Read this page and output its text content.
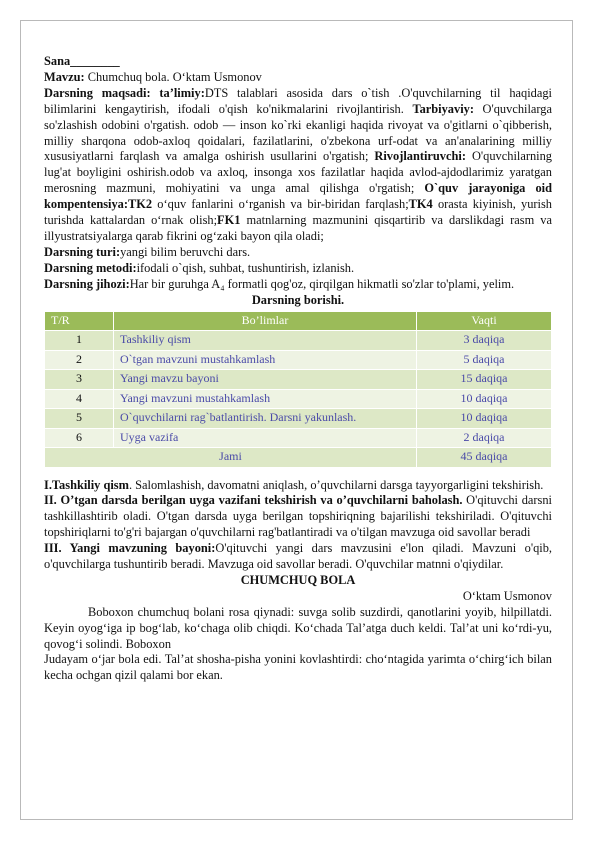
Sana________

Mavzu: Chumchuq bola. O‘ktam Usmonov

Darsning maqsadi: ta’limiy:DTS talablari asosida dars o`tish .O'quvchilarning til haqidagi bilimlarini kengaytirish, ifodali o'qish ko'nikmalarini rivojlantirish. Tarbiyaviy: O'quvchilarga so'zlashish odobini o'rgatish. odob — inson ko`rki ekanligi haqida rivoyat va o'gitlarni o`qibberish, milliy sharqona odob-axloq qoidalari, fazilatlarini, o'zbekona urf-odat va an'analarining milliy xususiyatlarni farqlash va amalga oshirish usullarini o'rgatish; Rivojlantiruvchi: O'quvchilarning lug'at boyligini oshirish.odob va axloq, insonga xos fazilatlar haqida avlod-ajdodlarimiz yaratgan merosning mazmuni, mohiyatini va unga amal qilishga o'rgatish; O`quv jarayoniga oid kompentensiya:TK2 o‘quv fanlarini o‘rganish va bir-biridan farqlash;TK4 orasta kiyinish, yurish turishda kattalardan o‘rnak olish;FK1 matnlarning mazmunini qisqartirib va darslikdagi rasm va illyustratsiyalarga qarab fikrini og‘zaki bayon qila oladi;

Darsning turi:yangi bilim beruvchi dars.

Darsning metodi:ifodali o`qish, suhbat, tushuntirish, izlanish.

Darsning jihozi:Har bir guruhga A₄ formatli qog'oz, qirqilgan hikmatli so'zlar to'plami, yelim.

Darsning borishi.

T/R	Bo’limlar	Vaqti
1	Tashkiliy qism	3 daqiqa
2	O`tgan mavzuni mustahkamlash	5 daqiqa
3	Yangi mavzu bayoni	15 daqiqa
4	Yangi mavzuni mustahkamlash	10 daqiqa
5	O`quvchilarni rag`batlantirish. Darsni yakunlash.	10 daqiqa
6	Uyga vazifa	2 daqiqa
Jami		45 daqiqa

I.Tashkiliy qism. Salomlashish, davomatni aniqlash, o’quvchilarni darsga tayyorgarligini tekshirish.

II. O’tgan darsda berilgan uyga vazifani tekshirish va o’quvchilarni baholash. O'qituvchi darsni tashkillashtirib oladi. O'tgan darsda uyga berilgan topshiriqning bajarilishi tekshiriladi. O'qituvchi topshiriqlarni to'g'ri bajargan o'quvchilarni rag'batlantiradi va o'tilgan mavzuga oid savollar beradi

III. Yangi mavzuning bayoni:O'qituvchi yangi dars mavzusini e'lon qiladi. Mavzuni o'qib, o'quvchilarga tushuntirib beradi. Mavzuga oid savollar beradi. O'quvchilar matnni o'qiydilar.

CHUMCHUQ BOLA

O‘ktam Usmonov

Boboxon chumchuq bolani rosa qiynadi: suvga solib suzdirdi, qanotlarini yoyib, hilpillatdi. Keyin oyog‘iga ip bog‘lab, ko‘chaga olib chiqdi. Ko‘chada Tal’atga duch keldi. Tal’at uni ko‘rdi-yu, qovog‘i solindi. Boboxon

Judayam o‘jar bola edi. Tal’at shosha-pisha yonini kovlashtirdi: cho‘ntagida yarimta o‘chirg‘ich bilan kecha ochgan qizil qalami bor ekan.
